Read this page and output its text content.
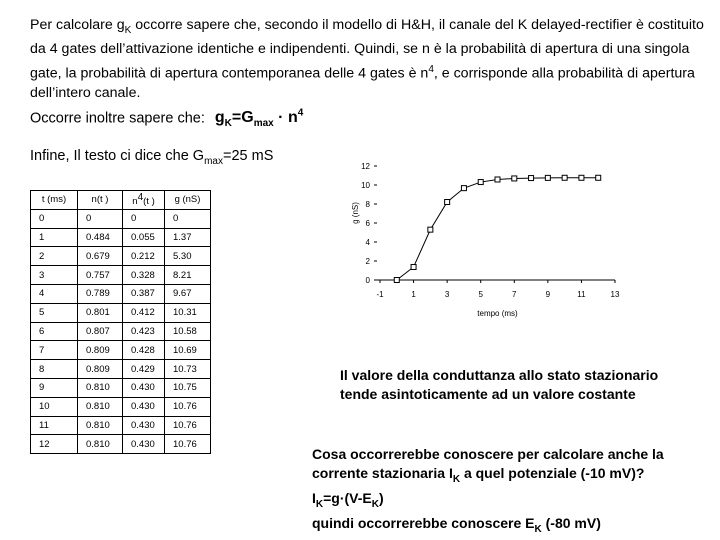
Per calcolare $g_K$ occorre sapere che, secondo il modello di H&H, il canale del K delayed-rectifier è costituito da 4 gates dell’attivazione identiche e indipendenti. Quindi, se n è la probabilità di apertura di una singola gate, la probabilità di apertura contemporanea delle 4 gates è $n^4$, e corrisponde alla probabilità di apertura dell’intero canale.
Occorre inoltre sapere che: $g_K=G_{max} \cdot n^4$
Infine, Il testo ci dice che $G_{max}=25$ mS
t (ms)	n(t )	$n^4(t$ )	g (nS)
0	0	0	0
1	0.484	0.055	1.37
2	0.679	0.212	5.30
3	0.757	0.328	8.21
4	0.789	0.387	9.67
5	0.801	0.412	10.31
6	0.807	0.423	10.58
7	0.809	0.428	10.69
8	0.809	0.429	10.73
9	0.810	0.430	10.75
10	0.810	0.430	10.76
11	0.810	0.430	10.76
12	0.810	0.430	10.76
0
2
4
6
8
10
12
-1	1	3	5	7	9	11	13
tempo (ms)
g (nS)
Il valore della conduttanza allo stato stazionario tende asintoticamente ad un valore costante
Cosa occorrerebbe conoscere per calcolare anche la corrente stazionaria $I_K$ a quel potenziale (-10 mV)?
$I_K=g\cdot(V-E_K)$
quindi occorrerebbe conoscere $E_K$ (-80 mV)
